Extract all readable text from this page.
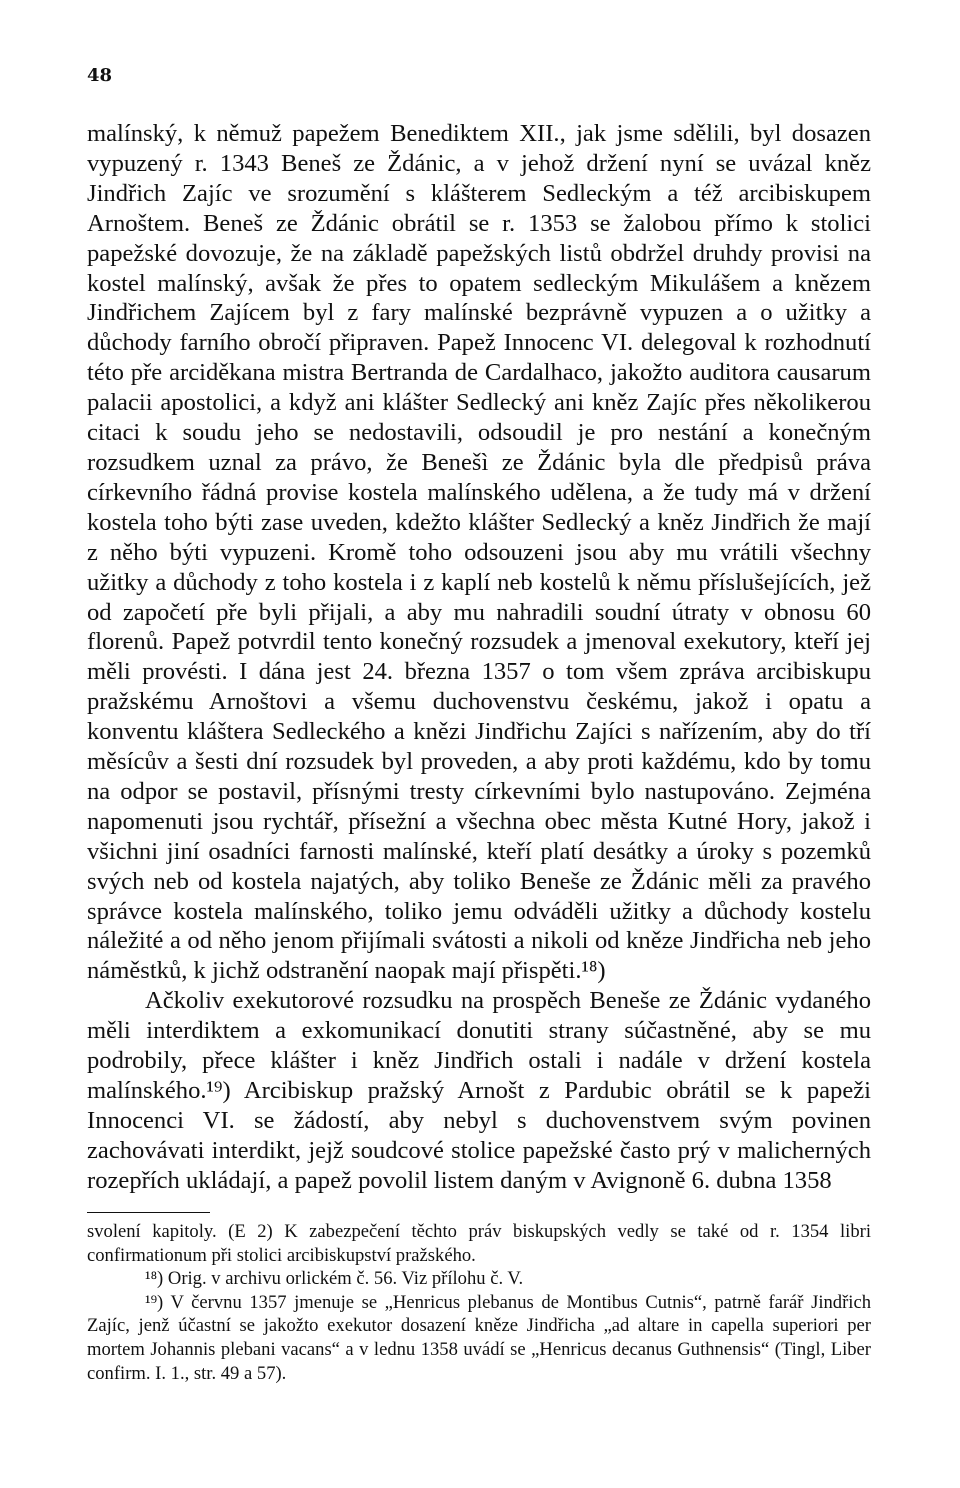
48

malínský, k němuž papežem Benediktem XII., jak jsme sdělili, byl dosazen vypuzený r. 1343 Beneš ze Ždánic, a v jehož držení nyní se uvázal kněz Jindřich Zajíc ve srozumění s klášterem Sedleckým a též arcibiskupem Arnoštem. Beneš ze Ždánic obrátil se r. 1353 se žalobou přímo k stolici papežské dovozuje, že na základě papežských listů obdržel druhdy provisi na kostel malínský, avšak že přes to opatem sedleckým Mikulášem a knězem Jindřichem Zajícem byl z fary malínské bezprávně vypuzen a o užitky a důchody farního obročí připraven. Papež Innocenc VI. delegoval k rozhodnutí této pře arciděkana mistra Bertranda de Cardalhaco, jakožto auditora causarum palacii apostolici, a když ani klášter Sedlecký ani kněz Zajíc přes několikerou citaci k soudu jeho se nedostavili, odsoudil je pro nestání a konečným rozsudkem uznal za právo, že Benešì ze Ždánic byla dle předpisů práva církevního řádná provise kostela malínského udělena, a že tudy má v držení kostela toho býti zase uveden, kdežto klášter Sedlecký a kněz Jindřich že mají z něho býti vypuzeni. Kromě toho odsouzeni jsou aby mu vrátili všechny užitky a důchody z toho kostela i z kaplí neb kostelů k němu příslušejících, jež od započetí pře byli přijali, a aby mu nahradili soudní útraty v obnosu 60 florenů. Papež potvrdil tento konečný rozsudek a jmenoval exekutory, kteří jej měli provésti. I dána jest 24. března 1357 o tom všem zpráva arcibiskupu pražskému Arnoštovi a všemu duchovenstvu českému, jakož i opatu a konventu kláštera Sedleckého a knězi Jindřichu Zajíci s nařízením, aby do tří měsícův a šesti dní rozsudek byl proveden, a aby proti každému, kdo by tomu na odpor se postavil, přísnými tresty církevními bylo nastupováno. Zejména napomenuti jsou rychtář, přísežní a všechna obec města Kutné Hory, jakož i všichni jiní osadníci farnosti malínské, kteří platí desátky a úroky s pozemků svých neb od kostela najatých, aby toliko Beneše ze Ždánic měli za pravého správce kostela malínského, toliko jemu odváděli užitky a důchody kostelu náležité a od něho jenom přijímali svátosti a nikoli od kněze Jindřicha neb jeho náměstků, k jichž odstranění naopak mají přispěti.¹⁸)

Ačkoliv exekutorové rozsudku na prospěch Beneše ze Ždánic vydaného měli interdiktem a exkomunikací donutiti strany súčastněné, aby se mu podrobily, přece klášter i kněz Jindřich ostali i nadále v držení kostela malínského.¹⁹) Arcibiskup pražský Arnošt z Pardubic obrátil se k papeži Innocenci VI. se žádostí, aby nebyl s duchovenstvem svým povinen zachovávati interdikt, jejž soudcové stolice papežské často prý v malicherných rozepřích ukládají, a papež povolil listem daným v Avignoně 6. dubna 1358

svolení kapitoly. (E 2) K zabezpečení těchto práv biskupských vedly se také od r. 1354 libri confirmationum při stolici arcibiskupství pražského.

¹⁸) Orig. v archivu orlickém č. 56. Viz přílohu č. V.

¹⁹) V červnu 1357 jmenuje se „Henricus plebanus de Montibus Cutnis“, patrně farář Jindřich Zajíc, jenž účastní se jakožto exekutor dosazení kněze Jindřicha „ad altare in capella superiori per mortem Johannis plebani vacans“ a v lednu 1358 uvádí se „Henricus decanus Guthnensis“ (Tingl, Liber confirm. I. 1., str. 49 a 57).
